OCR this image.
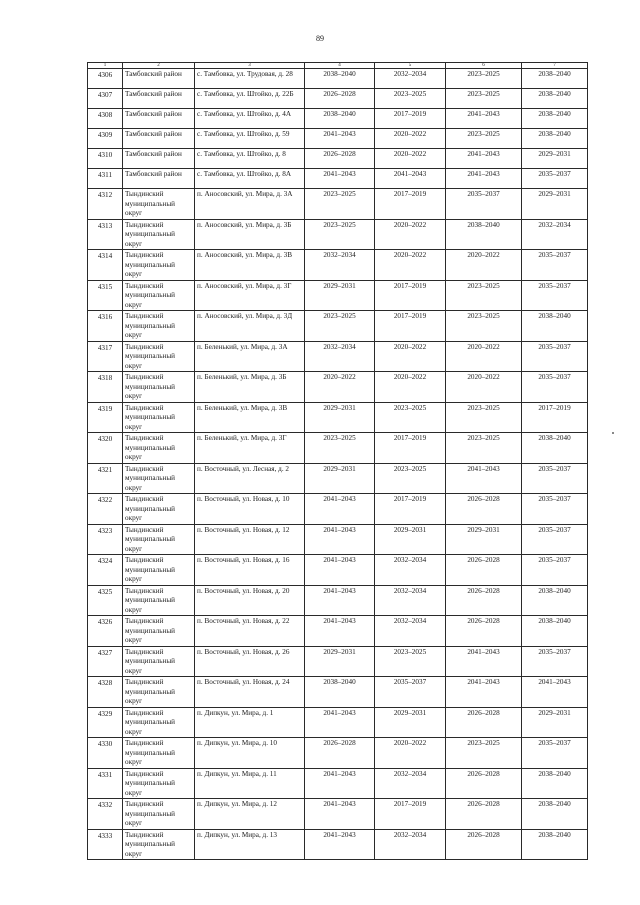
89
1	2	3	4	5	6	7
4306	Тамбовский район	с. Тамбовка, ул. Трудовая, д. 28	2038–2040	2032–2034	2023–2025	2038–2040
4307	Тамбовский район	с. Тамбовка, ул. Штойко, д. 22Б	2026–2028	2023–2025	2023–2025	2038–2040
4308	Тамбовский район	с. Тамбовка, ул. Штойко, д. 4А	2038–2040	2017–2019	2041–2043	2038–2040
4309	Тамбовский район	с. Тамбовка, ул. Штойко, д. 59	2041–2043	2020–2022	2023–2025	2038–2040
4310	Тамбовский район	с. Тамбовка, ул. Штойко, д. 8	2026–2028	2020–2022	2041–2043	2029–2031
4311	Тамбовский район	с. Тамбовка, ул. Штойко, д. 8А	2041–2043	2041–2043	2041–2043	2035–2037
4312	Тындинский муниципальный округ	п. Аносовский, ул. Мира, д. 3А	2023–2025	2017–2019	2035–2037	2029–2031
4313	Тындинский муниципальный округ	п. Аносовский, ул. Мира, д. 3Б	2023–2025	2020–2022	2038–2040	2032–2034
4314	Тындинский муниципальный округ	п. Аносовский, ул. Мира, д. 3В	2032–2034	2020–2022	2020–2022	2035–2037
4315	Тындинский муниципальный округ	п. Аносовский, ул. Мира, д. 3Г	2029–2031	2017–2019	2023–2025	2035–2037
4316	Тындинский муниципальный округ	п. Аносовский, ул. Мира, д. 3Д	2023–2025	2017–2019	2023–2025	2038–2040
4317	Тындинский муниципальный округ	п. Беленький, ул. Мира, д. 3А	2032–2034	2020–2022	2020–2022	2035–2037
4318	Тындинский муниципальный округ	п. Беленький, ул. Мира, д. 3Б	2020–2022	2020–2022	2020–2022	2035–2037
4319	Тындинский муниципальный округ	п. Беленький, ул. Мира, д. 3В	2029–2031	2023–2025	2023–2025	2017–2019
4320	Тындинский муниципальный округ	п. Беленький, ул. Мира, д. 3Г	2023–2025	2017–2019	2023–2025	2038–2040
4321	Тындинский муниципальный округ	п. Восточный, ул. Лесная, д. 2	2029–2031	2023–2025	2041–2043	2035–2037
4322	Тындинский муниципальный округ	п. Восточный, ул. Новая, д. 10	2041–2043	2017–2019	2026–2028	2035–2037
4323	Тындинский муниципальный округ	п. Восточный, ул. Новая, д. 12	2041–2043	2029–2031	2029–2031	2035–2037
4324	Тындинский муниципальный округ	п. Восточный, ул. Новая, д. 16	2041–2043	2032–2034	2026–2028	2035–2037
4325	Тындинский муниципальный округ	п. Восточный, ул. Новая, д. 20	2041–2043	2032–2034	2026–2028	2038–2040
4326	Тындинский муниципальный округ	п. Восточный, ул. Новая, д. 22	2041–2043	2032–2034	2026–2028	2038–2040
4327	Тындинский муниципальный округ	п. Восточный, ул. Новая, д. 26	2029–2031	2023–2025	2041–2043	2035–2037
4328	Тындинский муниципальный округ	п. Восточный, ул. Новая, д. 24	2038–2040	2035–2037	2041–2043	2041–2043
4329	Тындинский муниципальный округ	п. Дипкун, ул. Мира, д. 1	2041–2043	2029–2031	2026–2028	2029–2031
4330	Тындинский муниципальный округ	п. Дипкун, ул. Мира, д. 10	2026–2028	2020–2022	2023–2025	2035–2037
4331	Тындинский муниципальный округ	п. Дипкун, ул. Мира, д. 11	2041–2043	2032–2034	2026–2028	2038–2040
4332	Тындинский муниципальный округ	п. Дипкун, ул. Мира, д. 12	2041–2043	2017–2019	2026–2028	2038–2040
4333	Тындинский муниципальный округ	п. Дипкун, ул. Мира, д. 13	2041–2043	2032–2034	2026–2028	2038–2040
